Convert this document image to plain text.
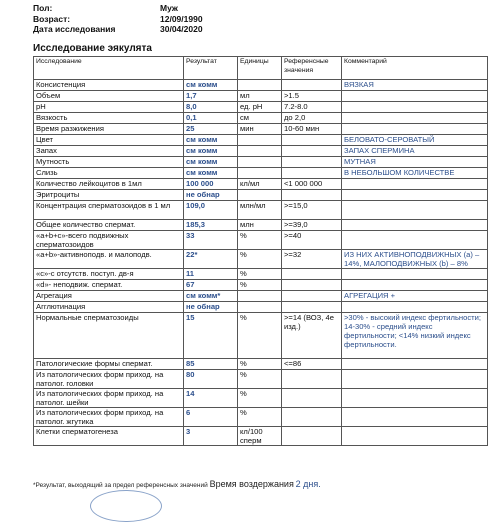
Пол:	Муж
Возраст:	12/09/1990
Дата исследования	30/04/2020
Исследование эякулята
Исследование	Результат	Единицы	Референсные значения	Комментарий
Консистенция	см комм			ВЯЗКАЯ
Объем	1,7	мл	>1.5	
pH	8,0	ед. pH	7.2-8.0	
Вязкость	0,1	см	до 2,0	
Время разжижения	25	мин	10-60 мин	
Цвет	см комм			БЕЛОВАТО-СЕРОВАТЫЙ
Запах	см комм			ЗАПАХ СПЕРМИНА
Мутность	см комм			МУТНАЯ
Слизь	см комм			В НЕБОЛЬШОМ КОЛИЧЕСТВЕ
Количество лейкоцитов в 1мл	100 000	кл/мл	<1 000 000	
Эритроциты	не обнар			
Концентрация сперматозоидов в 1 мл	109,0	млн/мл	>=15,0	
Общее количество спермат.	185,3	млн	>=39,0	
«а+b+c»-всего подвижных сперматозоидов	33	%	>=40	
«a+b»-активноподв. и малоподв.	22*	%	>=32	ИЗ НИХ АКТИВНОПОДВИЖНЫХ (а) – 14%, МАЛОПОДВИЖНЫХ (b) – 8%
«c»-с отсутств. поступ. дв-я	11	%		
«d»- неподвиж. спермат.	67	%		
Агрегация	см комм*			АГРЕГАЦИЯ +
Агглютинация	не обнар			
Нормальные сперматозоиды	15	%	>=14 (ВОЗ, 4е изд.)	>30% - высокий индекс фертильности; 14-30% - средний индекс фертильности; <14% низкий индекс фертильности.
Патологические формы спермат.	85	%	<=86	
Из патологических форм приход. на патолог. головки	80	%		
Из патологических форм приход. на патолог. шейки	14	%		
Из патологических форм приход. на патолог. жгутика	6	%		
Клетки сперматогенеза	3	кл/100 сперм		
*Результат, выходящий за предел референсных значений Время воздержания 2 дня.
